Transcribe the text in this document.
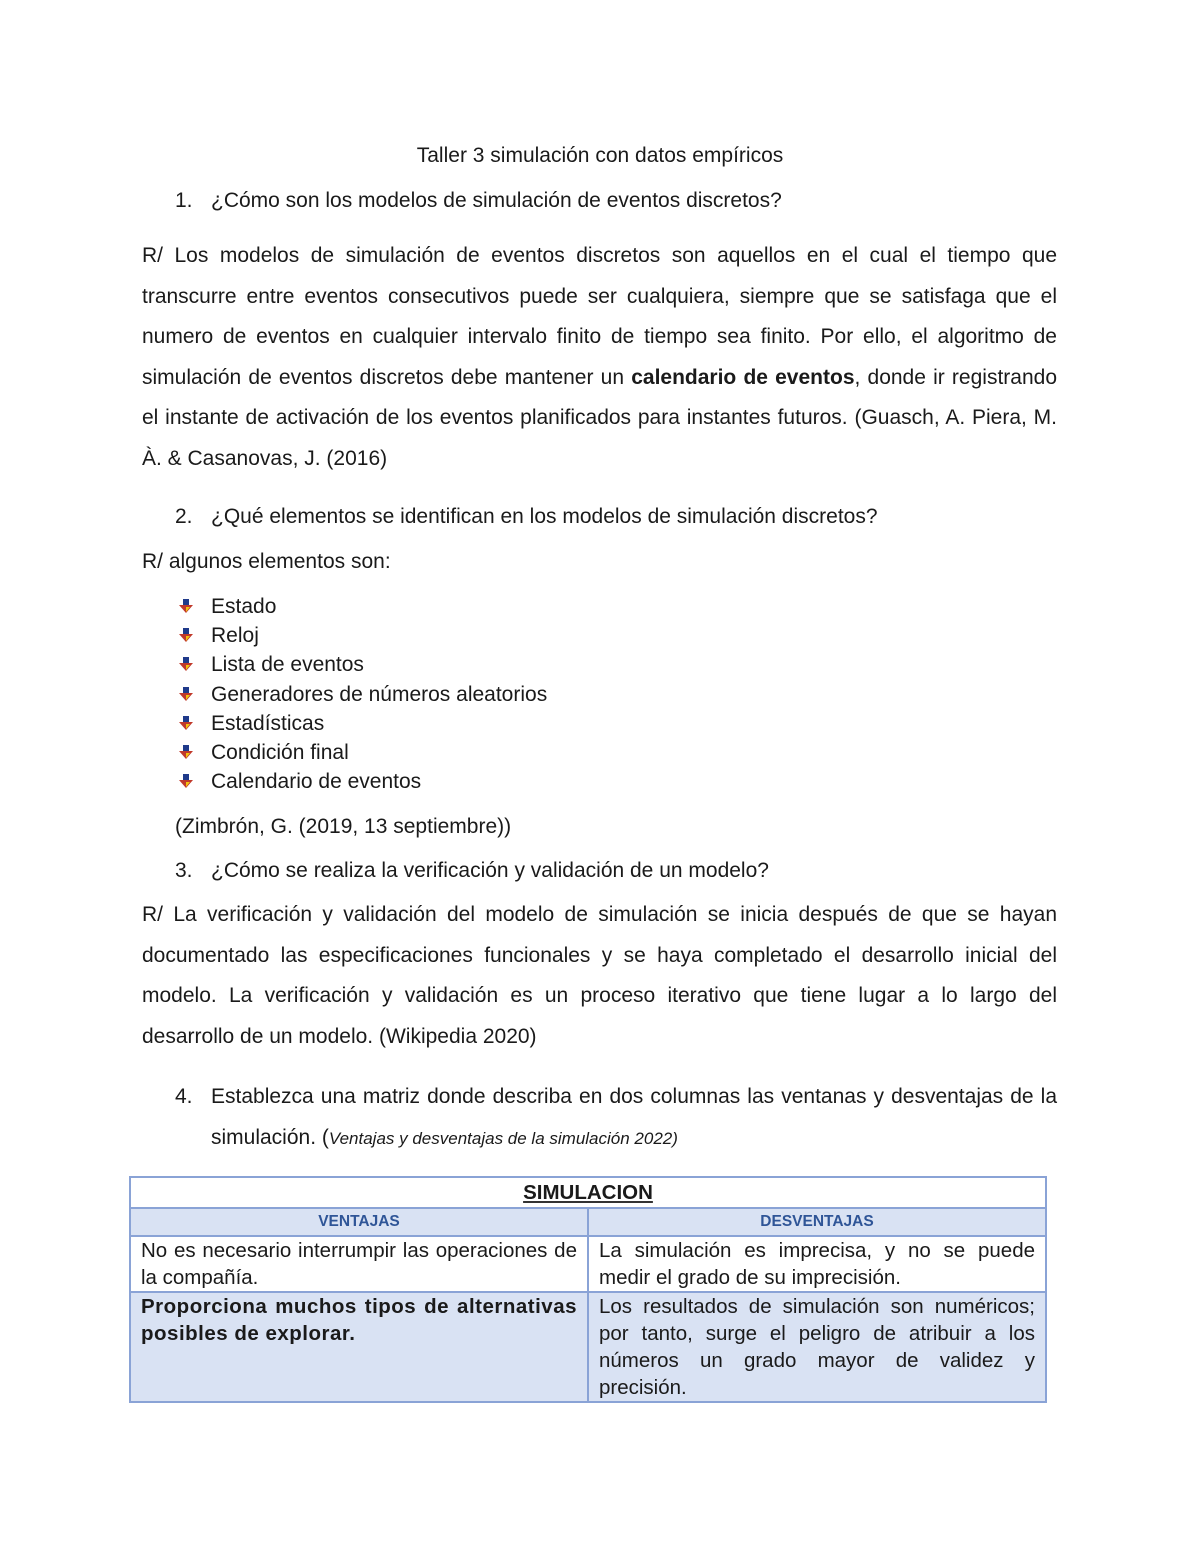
Taller 3 simulación con datos empíricos
1. ¿Cómo son los modelos de simulación de eventos discretos?
R/ Los modelos de simulación de eventos discretos son aquellos en el cual el tiempo que transcurre entre eventos consecutivos puede ser cualquiera, siempre que se satisfaga que el numero de eventos en cualquier intervalo finito de tiempo sea finito. Por ello, el algoritmo de simulación de eventos discretos debe mantener un calendario de eventos, donde ir registrando el instante de activación de los eventos planificados para instantes futuros. (Guasch, A. Piera, M. À. & Casanovas, J. (2016)
2. ¿Qué elementos se identifican en los modelos de simulación discretos?
R/ algunos elementos son:
Estado
Reloj
Lista de eventos
Generadores de números aleatorios
Estadísticas
Condición final
Calendario de eventos
(Zimbrón, G. (2019, 13 septiembre))
3. ¿Cómo se realiza la verificación y validación de un modelo?
R/ La verificación y validación del modelo de simulación se inicia después de que se hayan documentado las especificaciones funcionales y se haya completado el desarrollo inicial del modelo. La verificación y validación es un proceso iterativo que tiene lugar a lo largo del desarrollo de un modelo. (Wikipedia 2020)
4. Establezca una matriz donde describa en dos columnas las ventanas y desventajas de la simulación. (Ventajas y desventajas de la simulación 2022)
SIMULACION	
VENTAJAS	DESVENTAJAS
No es necesario interrumpir las operaciones de la compañía.	La simulación es imprecisa, y no se puede medir el grado de su imprecisión.
Proporciona muchos tipos de alternativas posibles de explorar.	Los resultados de simulación son numéricos; por tanto, surge el peligro de atribuir a los números un grado mayor de validez y precisión.
